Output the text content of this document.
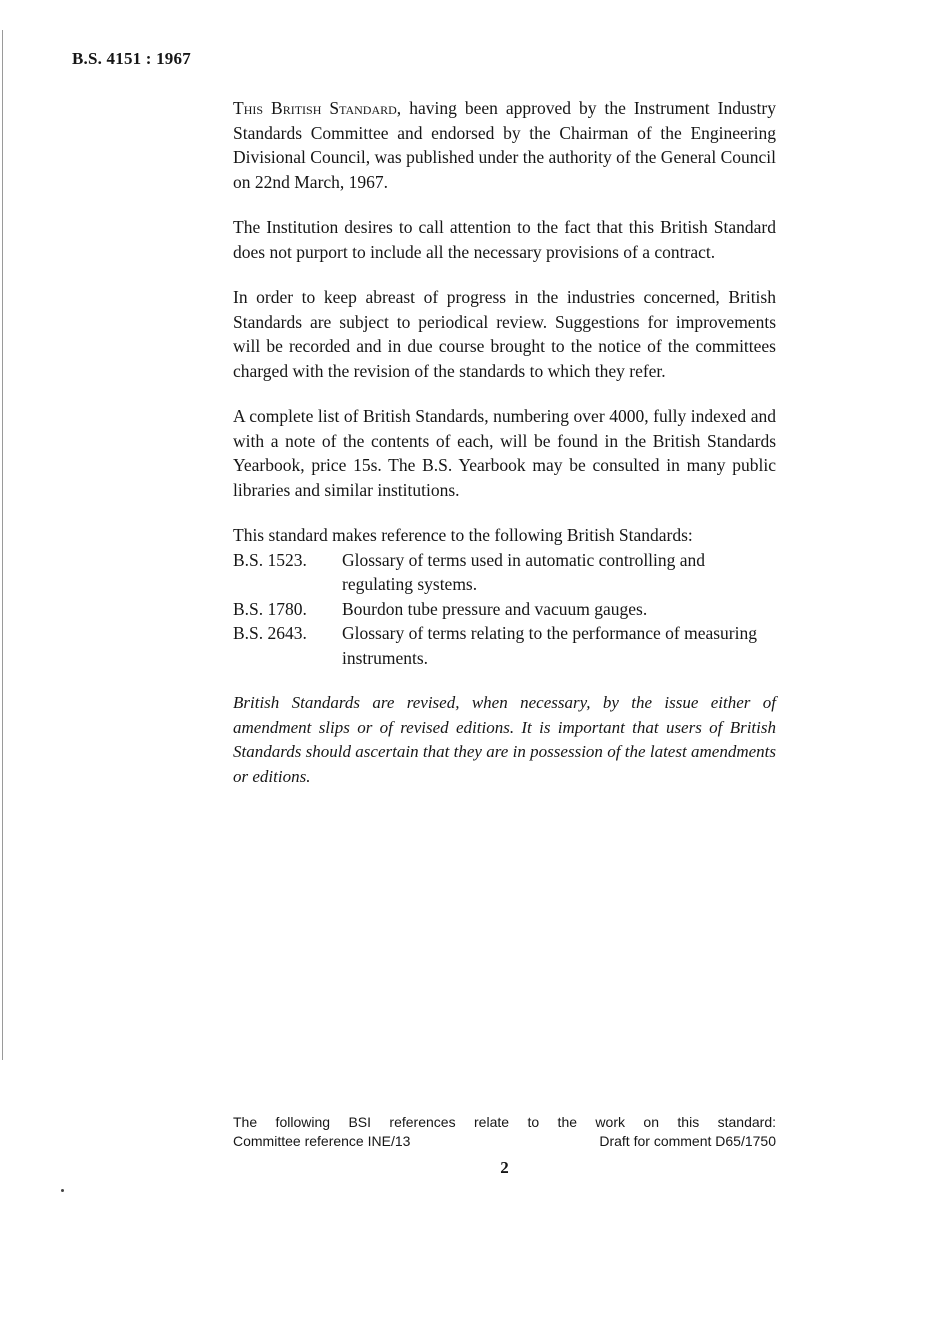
B.S. 4151 : 1967

This British Standard, having been approved by the Instrument Industry Standards Committee and endorsed by the Chairman of the Engineering Divisional Council, was published under the authority of the General Council on 22nd March, 1967.

The Institution desires to call attention to the fact that this British Standard does not purport to include all the necessary provisions of a contract.

In order to keep abreast of progress in the industries concerned, British Standards are subject to periodical review. Suggestions for improvements will be recorded and in due course brought to the notice of the committees charged with the revision of the standards to which they refer.

A complete list of British Standards, numbering over 4000, fully indexed and with a note of the contents of each, will be found in the British Standards Yearbook, price 15s. The B.S. Yearbook may be consulted in many public libraries and similar institutions.

This standard makes reference to the following British Standards:

B.S. 1523.	Glossary of terms used in automatic controlling and regulating systems.
B.S. 1780.	Bourdon tube pressure and vacuum gauges.
B.S. 2643.	Glossary of terms relating to the performance of measuring instruments.

British Standards are revised, when necessary, by the issue either of amendment slips or of revised editions. It is important that users of British Standards should ascertain that they are in possession of the latest amendments or editions.

The following BSI references relate to the work on this standard:
Committee reference INE/13	Draft for comment D65/1750
2
